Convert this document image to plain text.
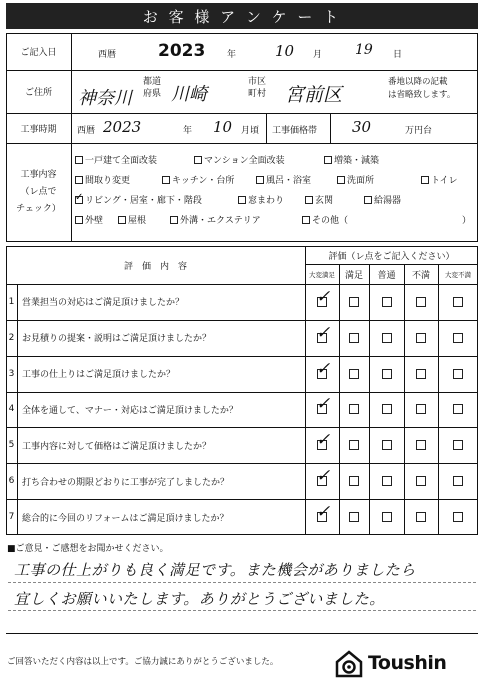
お 客 様 ア ン ケ ー ト
ご記入日	西暦 2023 年	10 月 19 日
ご住所	神奈川
都道
府県 川崎
市区
町村 宮前区
番地以降の記載
は省略致します。
工事時期	西暦 2023	年 10 月頃 工事価格帯 30	万円台
工事内容
（レ点で
チェック）
一戸建て全面改装	マンション全面改装	増築・減築
間取り変更	キッチン・台所	風呂・浴室	洗面所	トイレ
✓リビング・居室・廊下・階段	窓まわり	玄関	給湯器
外壁	屋根	外溝・エクステリア	その他（	）
評　価　内　容
評価（レ点をご記入ください）
大変満足	満足	普通	不満	大変不満
1 営業担当の対応はご満足頂けましたか？	✓
2 お見積りの提案・説明はご満足頂けましたか？	✓
3 工事の仕上りはご満足頂けましたか？	✓
4 全体を通して、マナー・対応はご満足頂けましたか？	✓
5 工事内容に対して価格はご満足頂けましたか？	✓
6 打ち合わせの期限どおりに工事が完了しましたか？	✓
7 総合的に今回のリフォームはご満足頂けましたか？	✓
■ご意見・ご感想をお聞かせください。
工事の仕上がりも良く満足です。また機会がありましたら
宜しくお願いいたします。ありがとうございました。
ご回答いただく内容は以上です。ご協力誠にありがとうございました。	Toushin
